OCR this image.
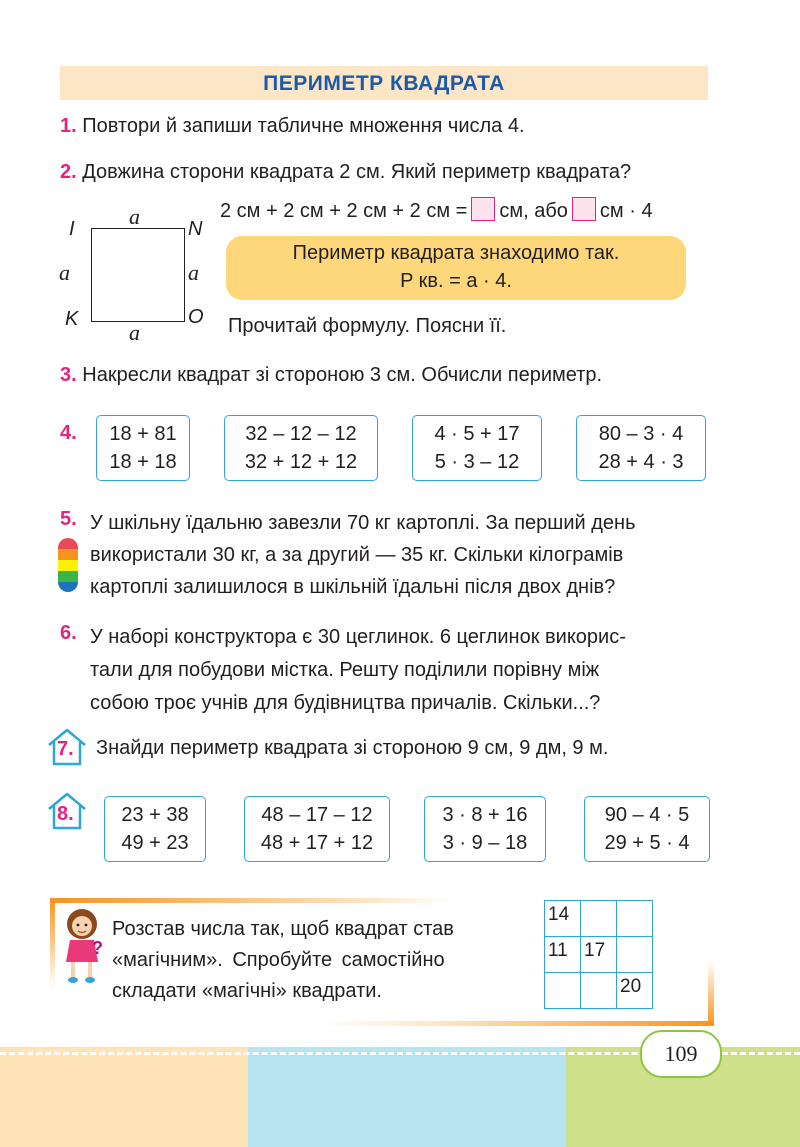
ПЕРИМЕТР КВАДРАТА
1. Повтори й запиши табличне множення числа 4.
2. Довжина сторони квадрата 2 см. Який периметр квадрата?
I	N
K	O
a
a	a
a
2 см + 2 см + 2 см + 2 см = см, або см · 4
Периметр квадрата знаходимо так.
P кв. = a · 4.
Прочитай формулу. Поясни її.
3. Накресли квадрат зі стороною 3 см. Обчисли периметр.
4.	18 + 81
18 + 18
32 – 12 – 12
32 + 12 + 12
4 · 5 + 17
5 · 3 – 12
80 – 3 · 4
28 + 4 · 3
5. У шкільну їдальню завезли 70 кг картоплі. За перший день
використали 30 кг, а за другий — 35 кг. Скільки кілограмів
картоплі залишилося в шкільній їдальні після двох днів?
6. У наборі конструктора є 30 цеглинок. 6 цеглинок викорис-
тали для побудови містка. Решту поділили порівну між
собою троє учнів для будівництва причалів. Скільки...?
7. Знайди периметр квадрата зі стороною 9 см, 9 дм, 9 м.
8.	23 + 38
49 + 23
48 – 17 – 12
48 + 17 + 12
3 · 8 + 16
3 · 9 – 18
90 – 4 · 5
29 + 5 · 4
?
Розстав числа так, щоб квадрат став
«магічним». Спробуйте самостійно
складати «магічні» квадрати.
14		
11	17	
		20
109
